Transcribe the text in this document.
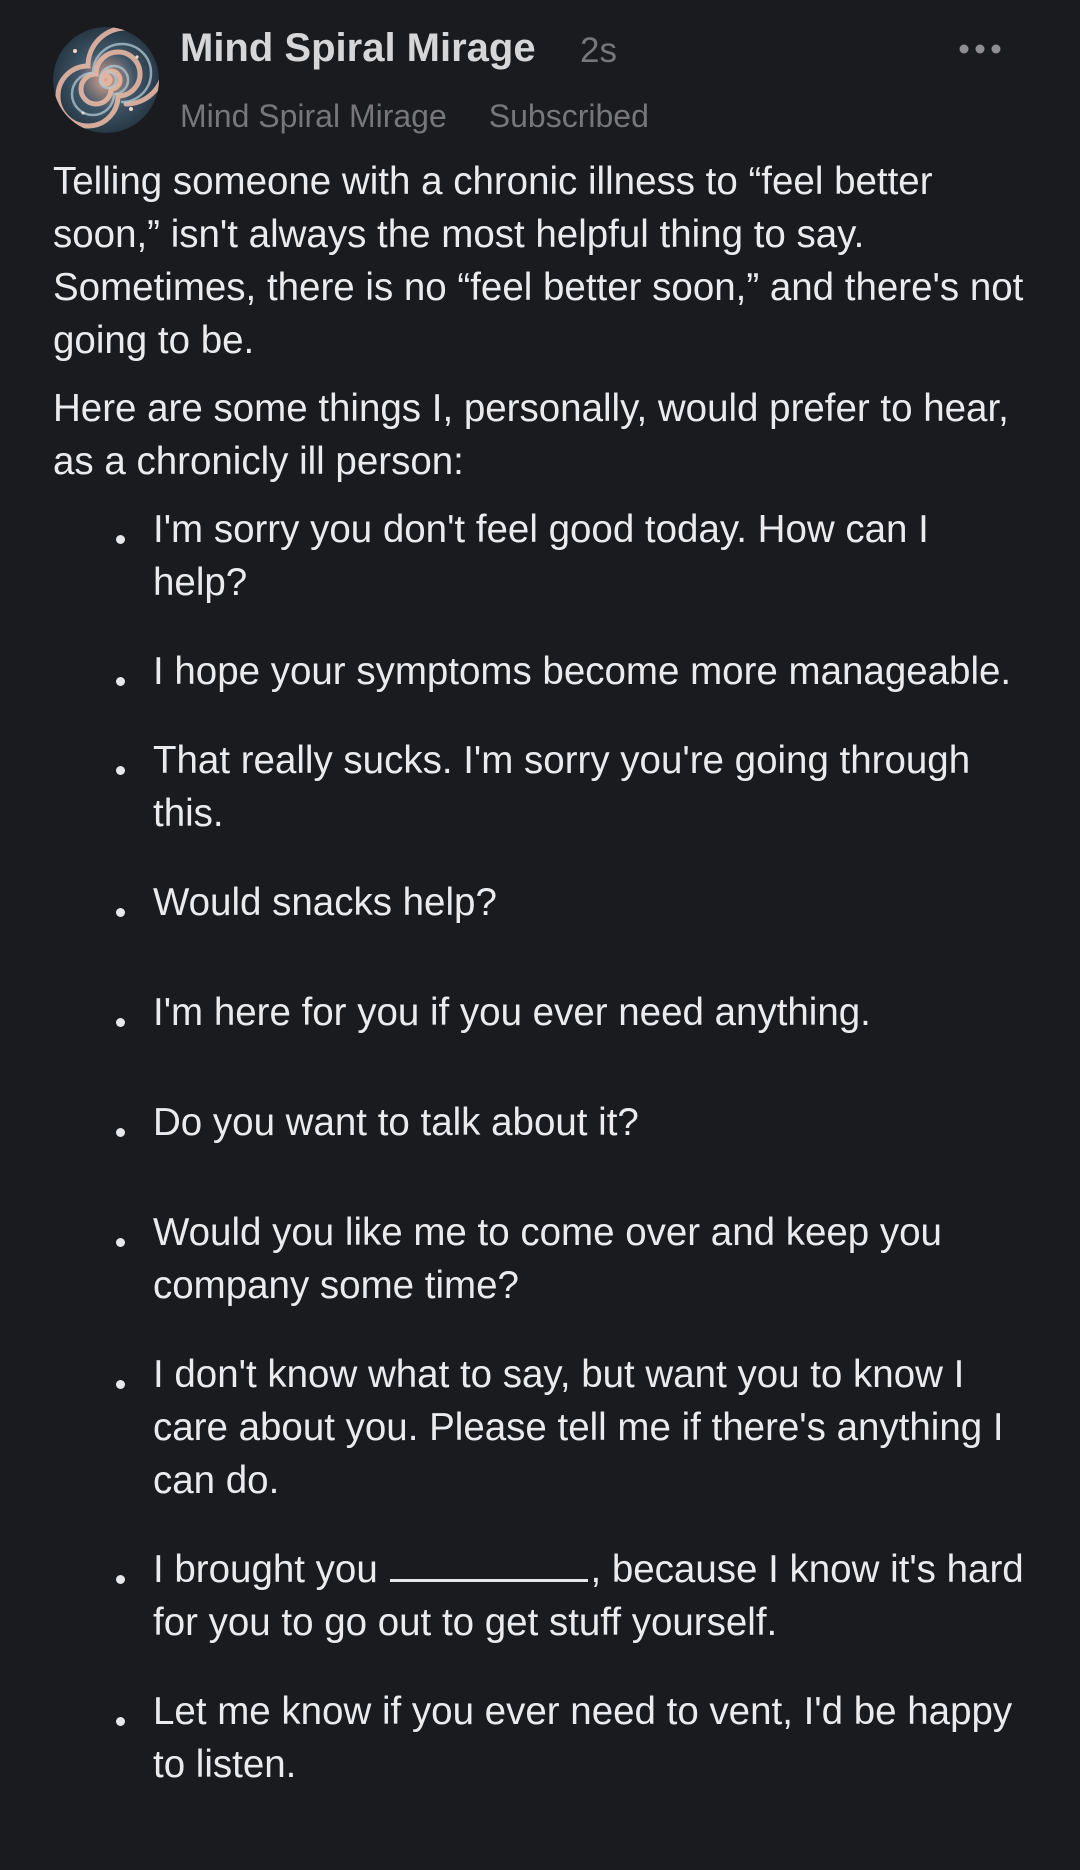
Mind Spiral Mirage 2s
Mind Spiral Mirage Subscribed

Telling someone with a chronic illness to “feel better soon,” isn't always the most helpful thing to say. Sometimes, there is no “feel better soon,” and there's not going to be.

Here are some things I, personally, would prefer to hear, as a chronicly ill person:

I'm sorry you don't feel good today. How can I help?
I hope your symptoms become more manageable.
That really sucks. I'm sorry you're going through this.
Would snacks help?
I'm here for you if you ever need anything.
Do you want to talk about it?
Would you like me to come over and keep you company some time?
I don't know what to say, but want you to know I care about you. Please tell me if there's anything I can do.
I brought you	, because I know it's hard for you to go out to get stuff yourself.
Let me know if you ever need to vent, I'd be happy to listen.
